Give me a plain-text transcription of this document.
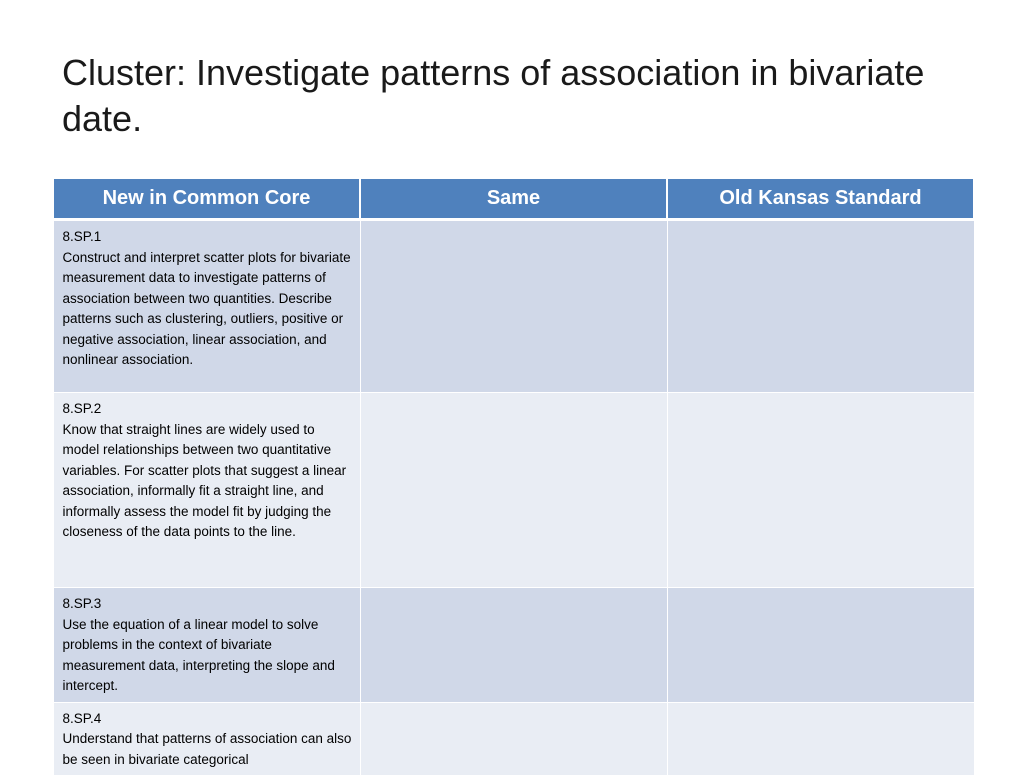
Cluster: Investigate patterns of association in bivariate date.
New in Common Core	Same	Old Kansas Standard

8.SP.1
Construct and interpret scatter plots for bivariate measurement data to investigate patterns of association between two quantities. Describe patterns such as clustering, outliers, positive or negative association, linear association, and nonlinear association.		

8.SP.2
Know that straight lines are widely used to model relationships between two quantitative variables. For scatter plots that suggest a linear association, informally fit a straight line, and informally assess the model fit by judging the closeness of the data points to the line.		

8.SP.3
Use the equation of a linear model to solve problems in the context of bivariate measurement data, interpreting the slope and intercept.		

8.SP.4
Understand that patterns of association can also be seen in bivariate categorical		
